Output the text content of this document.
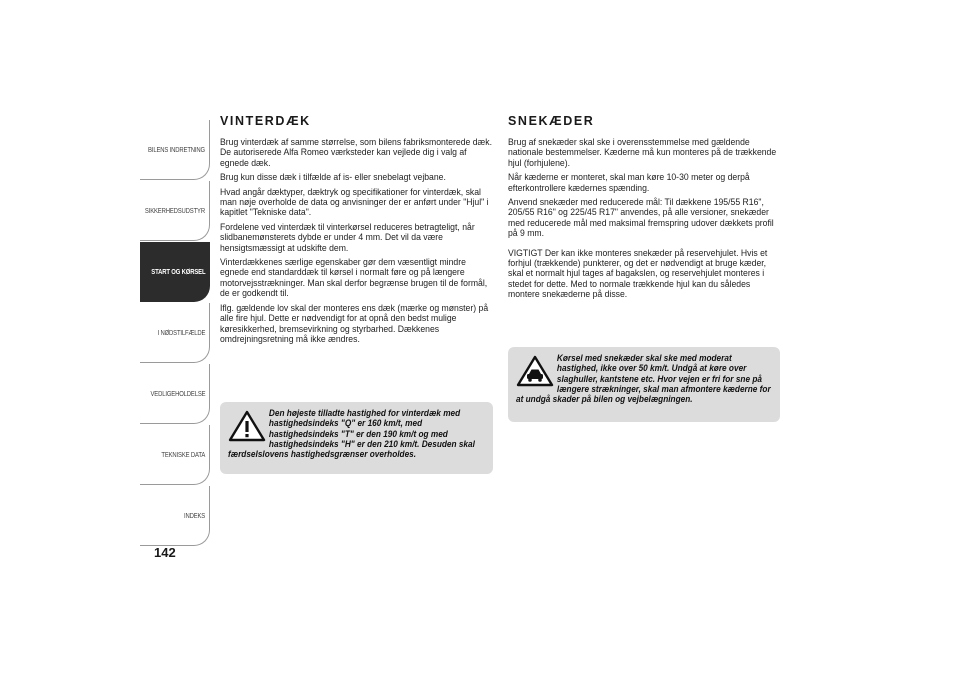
BILENS INDRETNING
SIKKERHEDSUDSTYR
START OG KØRSEL
I NØDSTILFÆLDE
VEDLIGEHOLDELSE
TEKNISKE DATA
INDEKS
142
VINTERDÆK

Brug vinterdæk af samme størrelse, som bilens fabriksmonterede dæk. De autoriserede Alfa Romeo værksteder kan vejlede dig i valg af egnede dæk.

Brug kun disse dæk i tilfælde af is- eller snebelagt vejbane.

Hvad angår dæktyper, dæktryk og specifikationer for vinterdæk, skal man nøje overholde de data og anvisninger der er anført under "Hjul" i kapitlet "Tekniske data".

Fordelene ved vinterdæk til vinterkørsel reduceres betragteligt, når slidbanemønsterets dybde er under 4 mm. Det vil da være hensigtsmæssigt at udskifte dem.

Vinterdækkenes særlige egenskaber gør dem væsentligt mindre egnede end standarddæk til kørsel i normalt føre og på længere motorvejsstrækninger. Man skal derfor begrænse brugen til de formål, de er godkendt til.

Iflg. gældende lov skal der monteres ens dæk (mærke og mønster) på alle fire hjul. Dette er nødvendigt for at opnå den bedst mulige køresikkerhed, bremsevirkning og styrbarhed. Dækkenes omdrejningsretning må ikke ændres.

Den højeste tilladte hastighed for vinterdæk med hastighedsindeks "Q" er 160 km/t, med hastighedsindeks "T" er den 190 km/t og med hastighedsindeks "H" er den 210 km/t. Desuden skal færdselslovens hastighedsgrænser overholdes.
SNEKÆDER

Brug af snekæder skal ske i overensstemmelse med gældende nationale bestemmelser. Kæderne må kun monteres på de trækkende hjul (forhjulene).

Når kæderne er monteret, skal man køre 10-30 meter og derpå efterkontrollere kædernes spænding.

Anvend snekæder med reducerede mål: Til dækkene 195/55 R16", 205/55 R16" og 225/45 R17" anvendes, på alle versioner, snekæder med reducerede mål med maksimal fremspring udover dækkets profil på 9 mm.

VIGTIGT Der kan ikke monteres snekæder på reservehjulet. Hvis et forhjul (trækkende) punkterer, og det er nødvendigt at bruge kæder, skal et normalt hjul tages af bagakslen, og reservehjulet monteres i stedet for dette. Med to normale trækkende hjul kan du således montere snekæderne på disse.

Kørsel med snekæder skal ske med moderat hastighed, ikke over 50 km/t. Undgå at køre over slaghuller, kantstene etc. Hvor vejen er fri for sne på længere strækninger, skal man afmontere kæderne for at undgå skader på bilen og vejbelægningen.
